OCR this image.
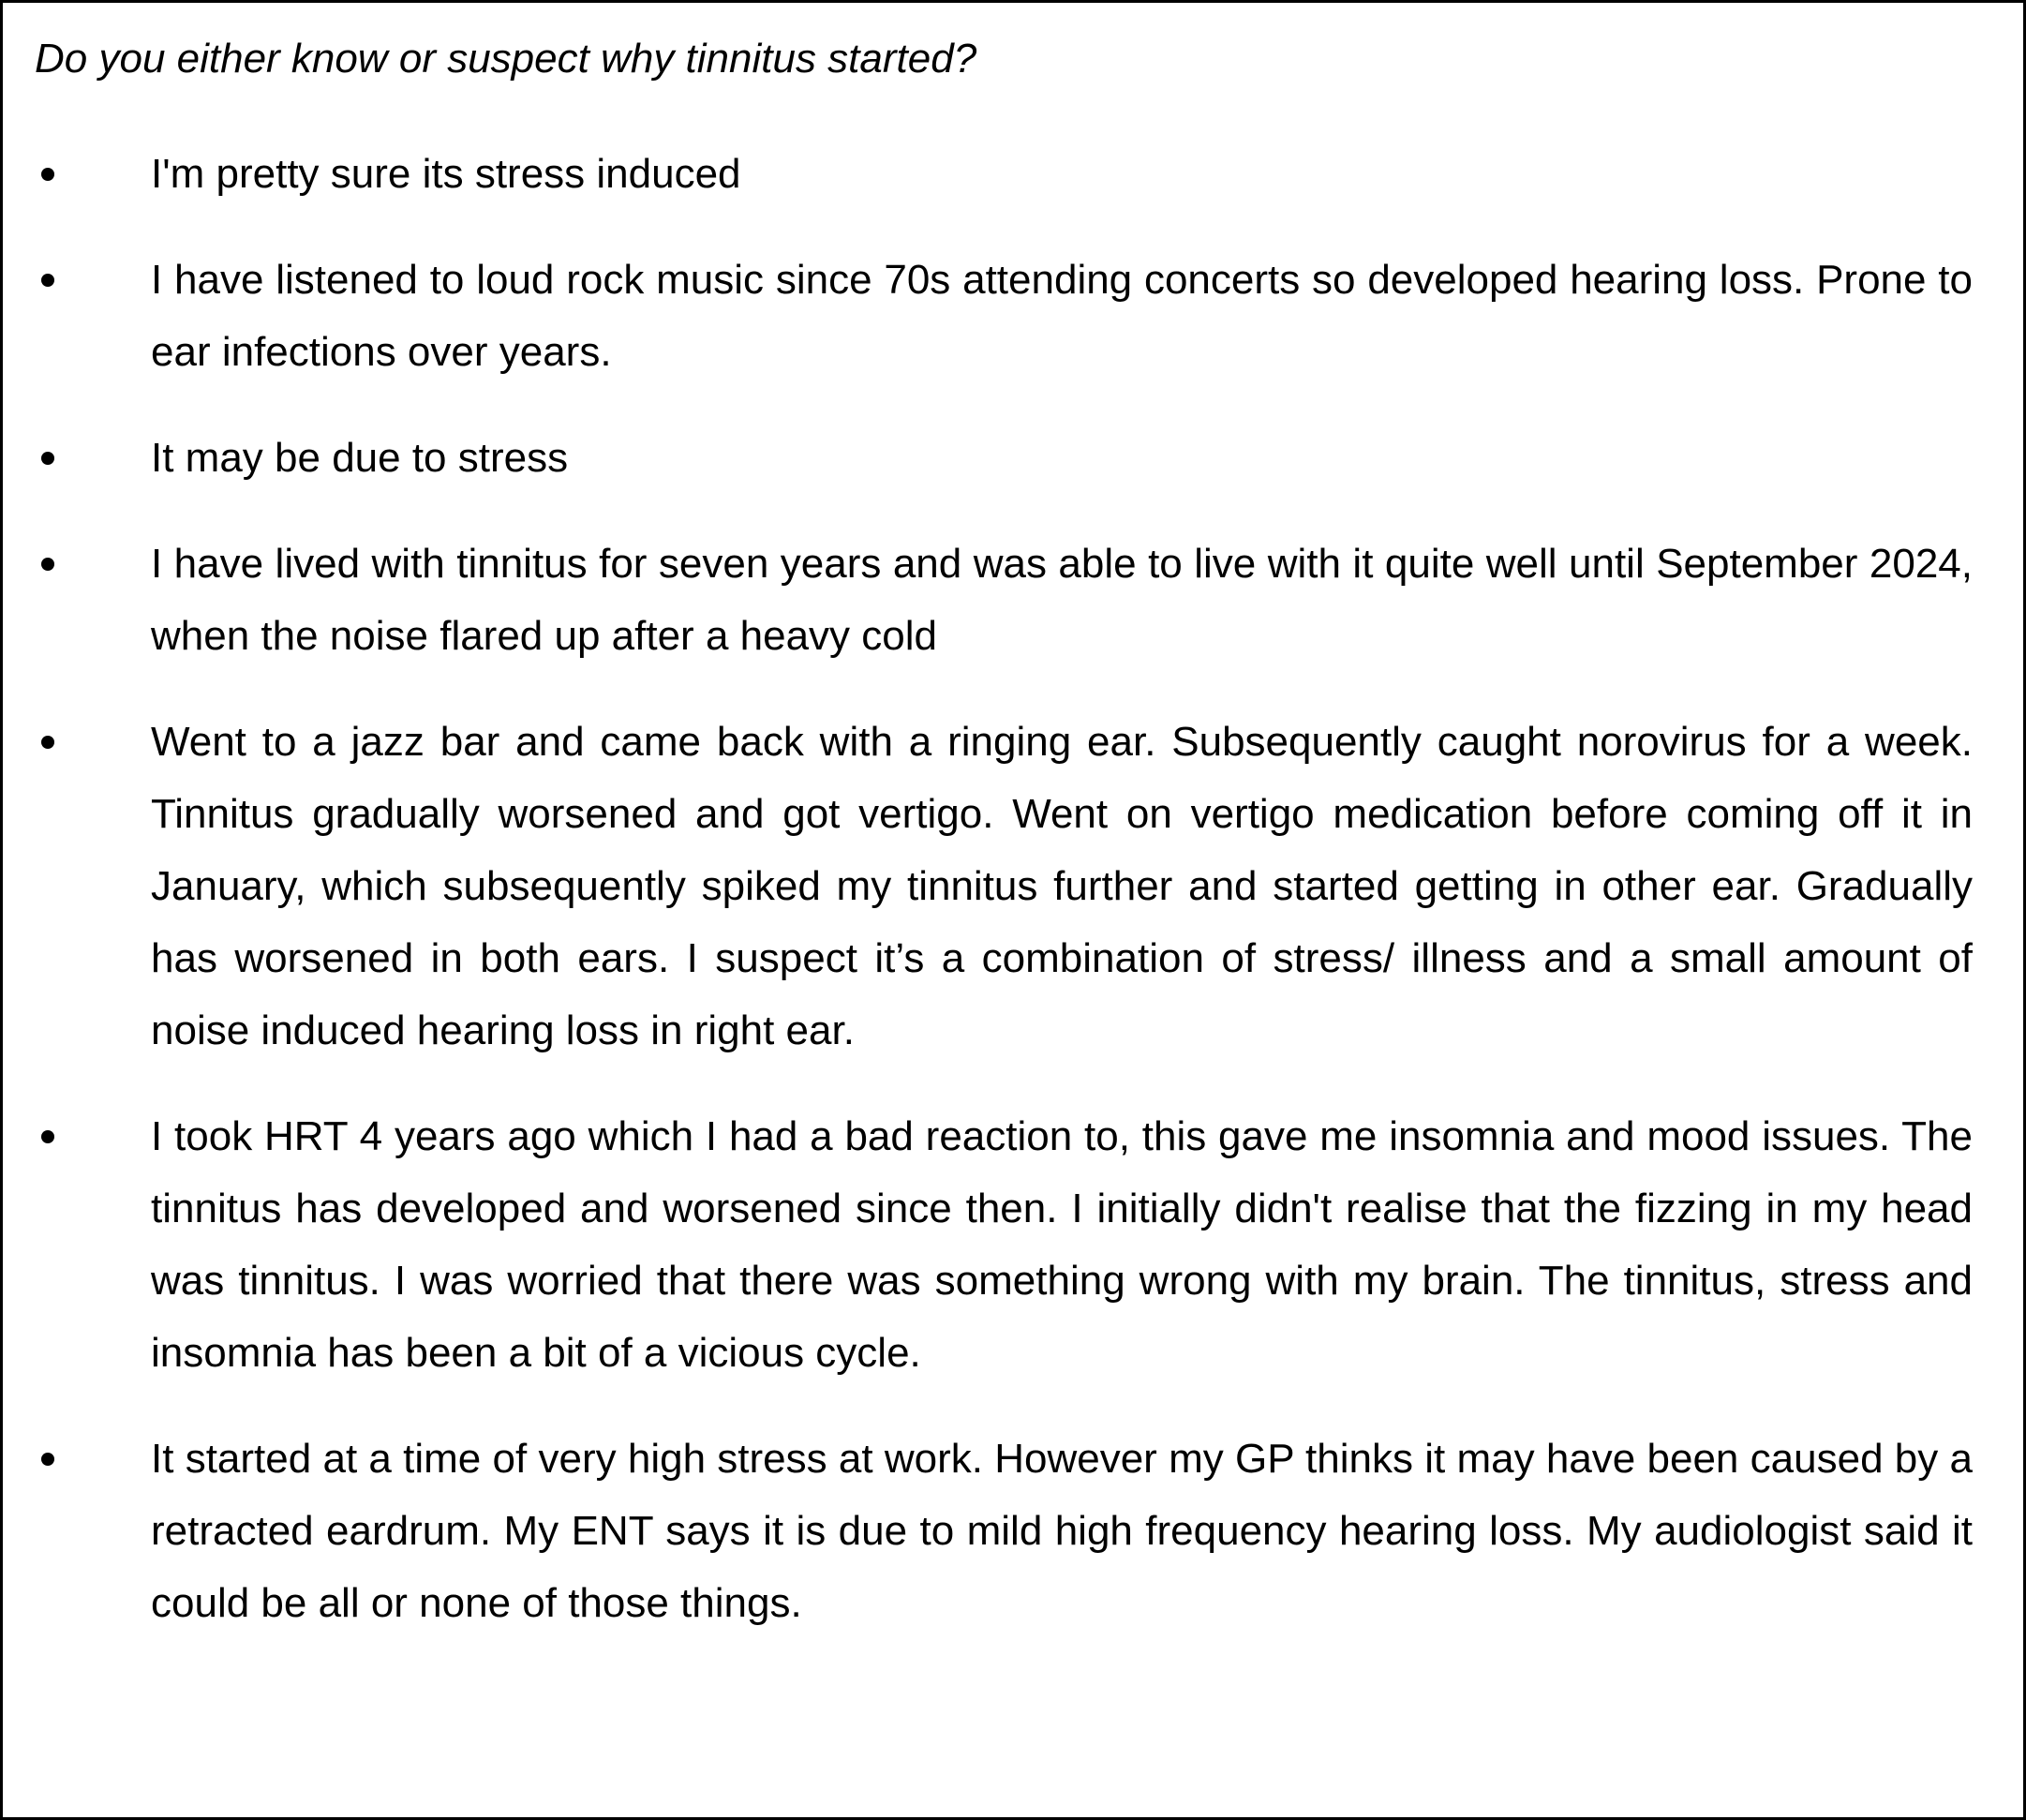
Do you either know or suspect why tinnitus started?

I'm pretty sure its stress induced
I have listened to loud rock music since 70s attending concerts so developed hearing loss. Prone to ear infections over years.
It may be due to stress
I have lived with tinnitus for seven years and was able to live with it quite well until September 2024, when the noise flared up after a heavy cold
Went to a jazz bar and came back with a ringing ear. Subsequently caught norovirus for a week. Tinnitus gradually worsened and got vertigo. Went on vertigo medication before coming off it in January, which subsequently spiked my tinnitus further and started getting in other ear. Gradually has worsened in both ears. I suspect it’s a combination of stress/ illness and a small amount of noise induced hearing loss in right ear.
I took HRT 4 years ago which I had a bad reaction to, this gave me insomnia and mood issues. The tinnitus has developed and worsened since then. I initially didn't realise that the fizzing in my head was tinnitus. I was worried that there was something wrong with my brain. The tinnitus, stress and insomnia has been a bit of a vicious cycle.
It started at a time of very high stress at work. However my GP thinks it may have been caused by a retracted eardrum. My ENT says it is due to mild high frequency hearing loss. My audiologist said it could be all or none of those things.
